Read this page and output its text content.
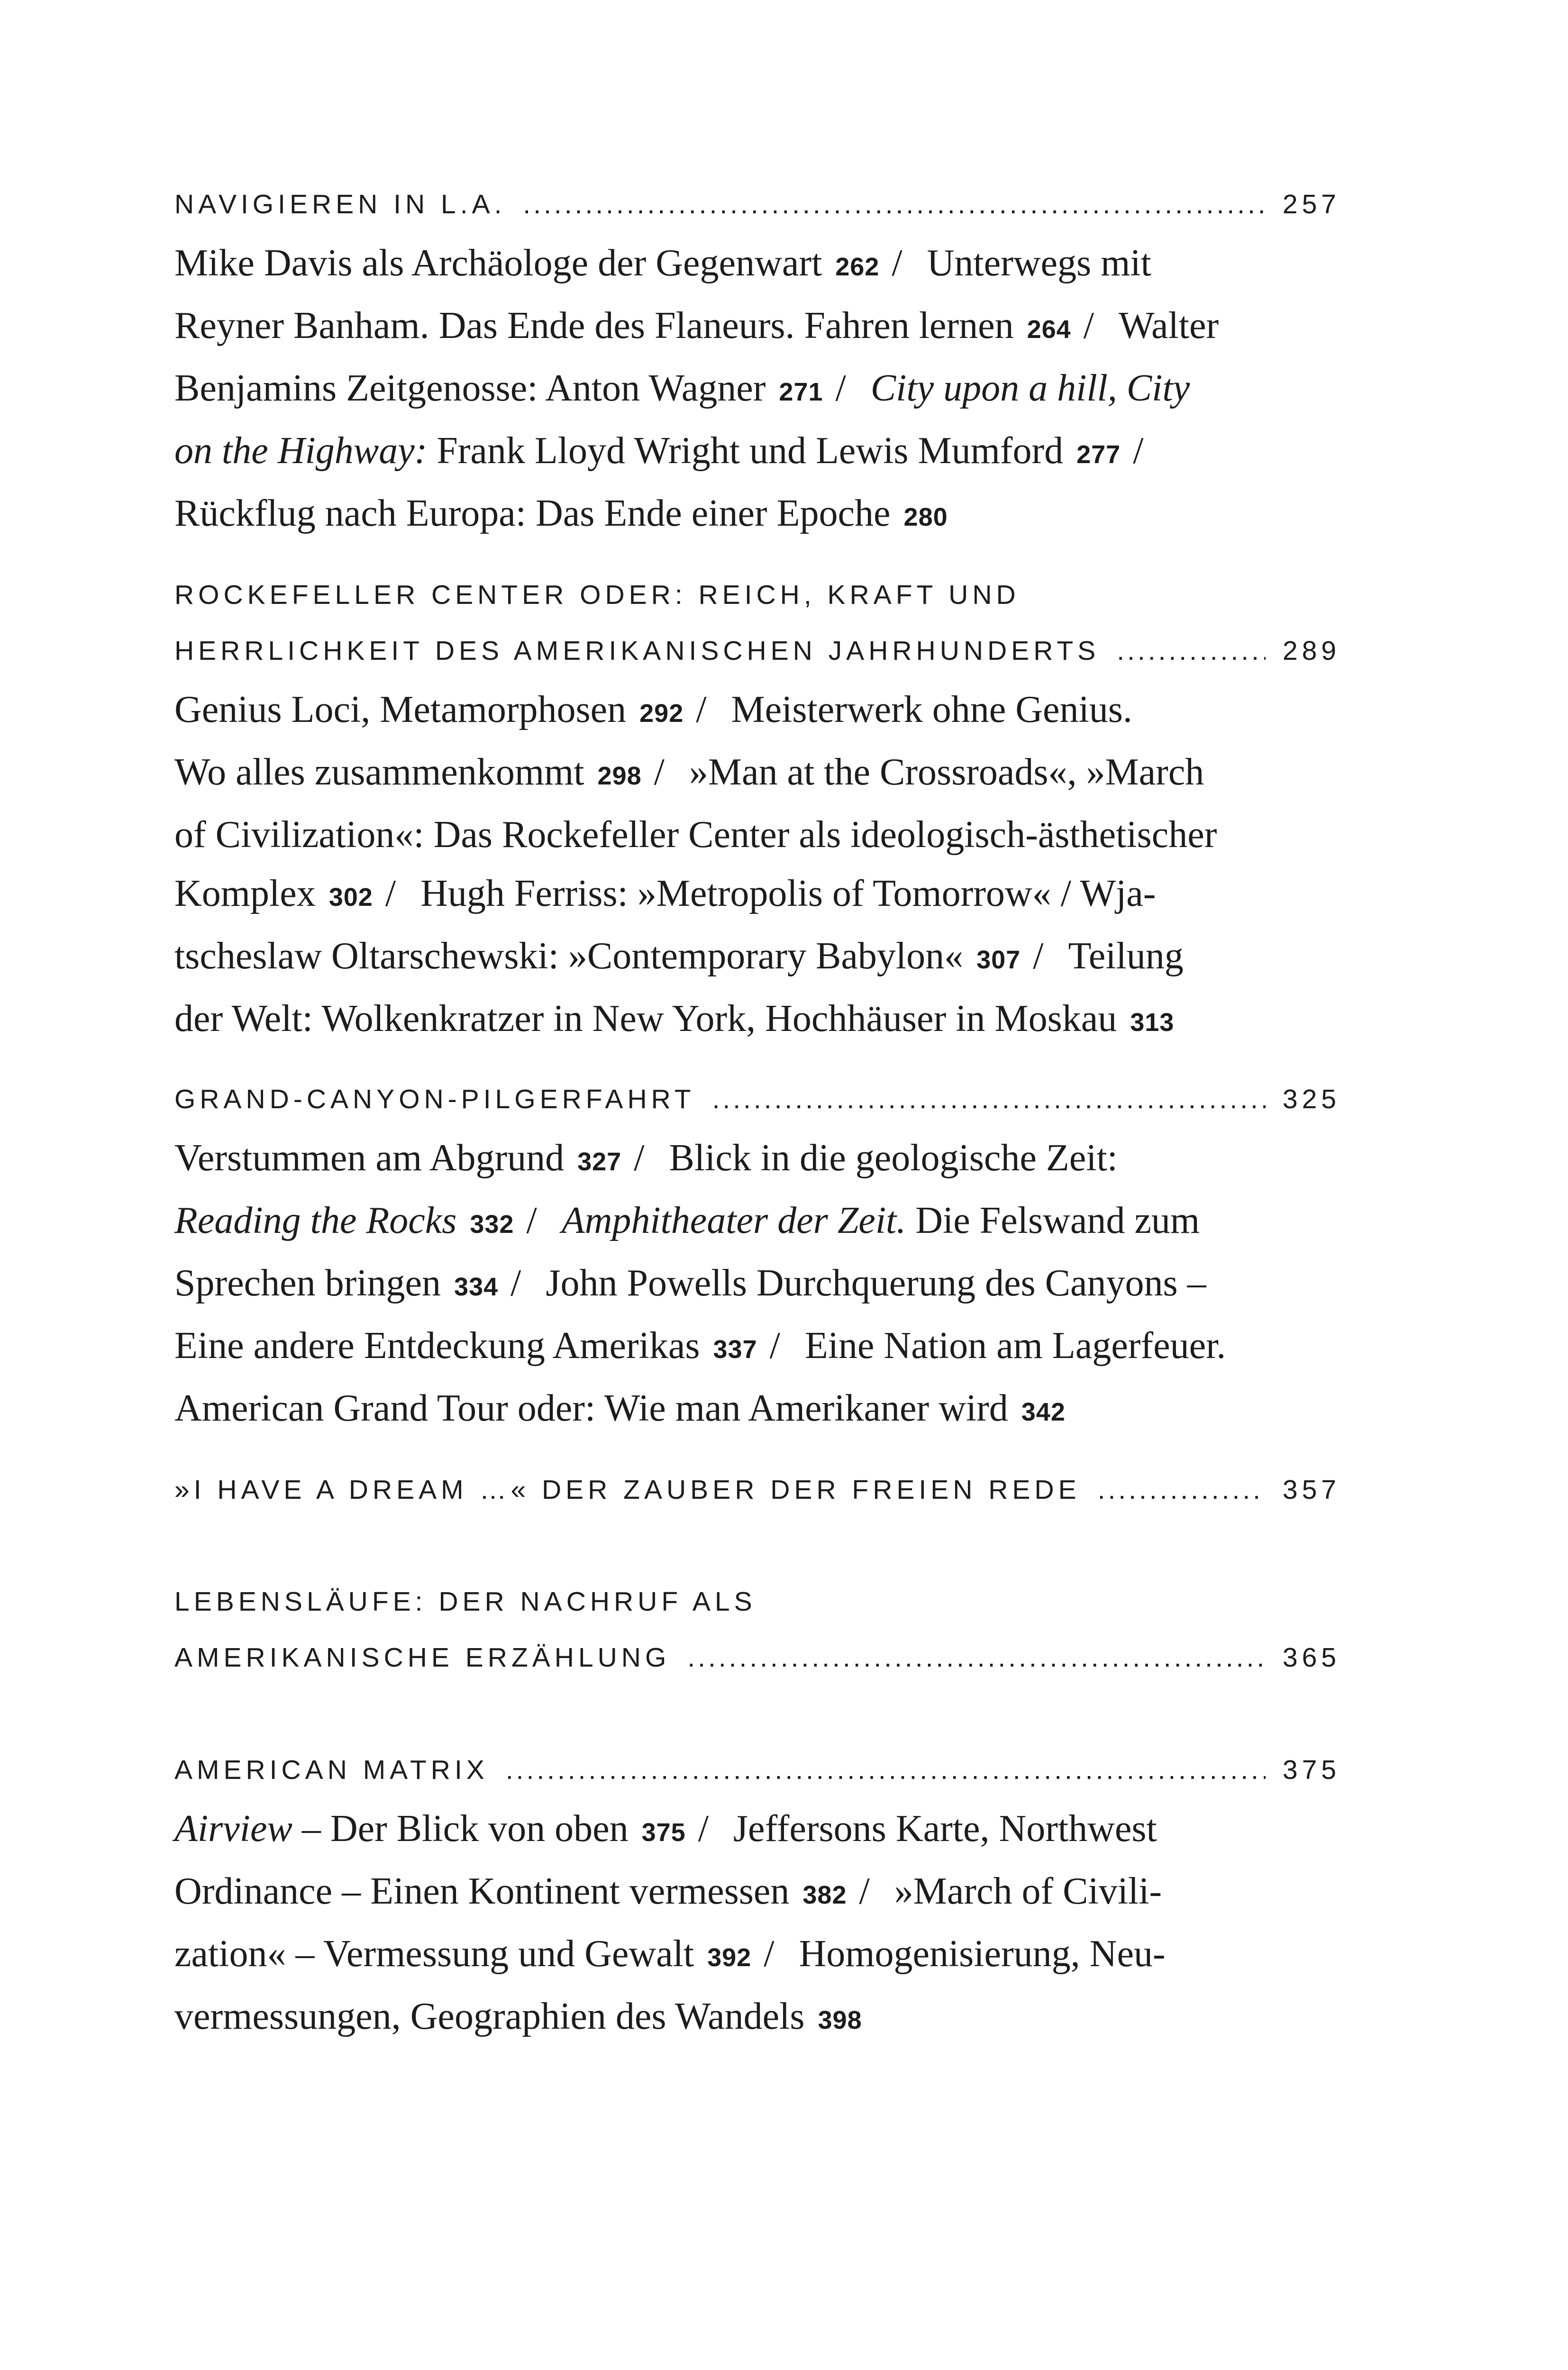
NAVIGIEREN IN L.A. .....	257
Mike Davis als Archäologe der Gegenwart 262 / Unterwegs mit
Reyner Banham. Das Ende des Flaneurs. Fahren lernen 264 / Walter
Benjamins Zeitgenosse: Anton Wagner 271 / City upon a hill, City
on the Highway: Frank Lloyd Wright und Lewis Mumford 277 /
Rückflug nach Europa: Das Ende einer Epoche 280
ROCKEFELLER CENTER ODER: REICH, KRAFT UND
HERRLICHKEIT DES AMERIKANISCHEN JAHRHUNDERTS .....	289
Genius Loci, Metamorphosen 292 / Meisterwerk ohne Genius.
Wo alles zusammenkommt 298 / »Man at the Crossroads«, »March
of Civilization«: Das Rockefeller Center als ideologisch-ästhetischer
Komplex 302 / Hugh Ferriss: »Metropolis of Tomorrow« / Wja-
tscheslaw Oltarschewski: »Contemporary Babylon« 307 / Teilung
der Welt: Wolkenkratzer in New York, Hochhäuser in Moskau 313
GRAND-CANYON-PILGERFAHRT .....	325
Verstummen am Abgrund 327 / Blick in die geologische Zeit:
Reading the Rocks 332 / Amphitheater der Zeit. Die Felswand zum
Sprechen bringen 334 / John Powells Durchquerung des Canyons –
Eine andere Entdeckung Amerikas 337 / Eine Nation am Lagerfeuer.
American Grand Tour oder: Wie man Amerikaner wird 342
»I HAVE A DREAM …« DER ZAUBER DER FREIEN REDE .....	357
LEBENSLÄUFE: DER NACHRUF ALS
AMERIKANISCHE ERZÄHLUNG .....	365
AMERICAN MATRIX .....	375
Airview – Der Blick von oben 375 / Jeffersons Karte, Northwest
Ordinance – Einen Kontinent vermessen 382 / »March of Civili-
zation« – Vermessung und Gewalt 392 / Homogenisierung, Neu-
vermessungen, Geographien des Wandels 398
